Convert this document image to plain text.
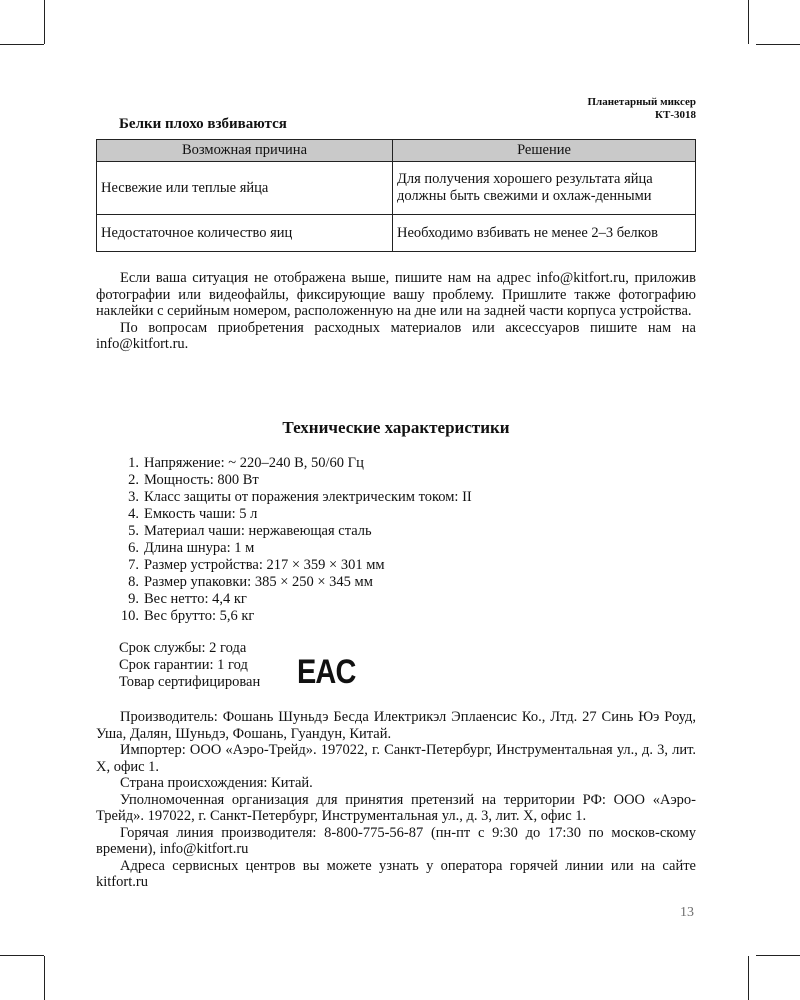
Планетарный миксер
КТ-3018
Белки плохо взбиваются
Возможная причина	Решение
Несвежие или теплые яйца	Для получения хорошего результата яйца должны быть свежими и охлаж-денными
Недостаточное количество яиц	Необходимо взбивать не менее 2–3 белков

Если ваша ситуация не отображена выше, пишите нам на адрес info@kitfort.ru, приложив фотографии или видеофайлы, фиксирующие вашу проблему. Пришлите также фотографию наклейки с серийным номером, расположенную на дне или на задней части корпуса устройства.

По вопросам приобретения расходных материалов или аксессуаров пишите нам на info@kitfort.ru.

Технические характеристики
1. Напряжение: ~ 220–240 В, 50/60 Гц
2. Мощность: 800 Вт
3. Класс защиты от поражения электрическим током: II
4. Емкость чаши: 5 л
5. Материал чаши: нержавеющая сталь
6. Длина шнура: 1 м
7. Размер устройства: 217 × 359 × 301 мм
8. Размер упаковки: 385 × 250 × 345 мм
9. Вес нетто: 4,4 кг
10. Вес брутто: 5,6 кг
Срок службы: 2 года
Срок гарантии: 1 год
Товар сертифицирован EAC

Производитель: Фошань Шуньдэ Бесда Илектрикэл Эплаенсис Ко., Лтд. 27 Синь Юэ Роуд, Уша, Далян, Шуньдэ, Фошань, Гуандун, Китай.

Импортер: ООО «Аэро-Трейд». 197022, г. Санкт-Петербург, Инструментальная ул., д. 3, лит. Х, офис 1.

Страна происхождения: Китай.

Уполномоченная организация для принятия претензий на территории РФ: ООО «Аэро-Трейд». 197022, г. Санкт-Петербург, Инструментальная ул., д. 3, лит. Х, офис 1.

Горячая линия производителя: 8-800-775-56-87 (пн-пт с 9:30 до 17:30 по москов-скому времени), info@kitfort.ru

Адреса сервисных центров вы можете узнать у оператора горячей линии или на сайте kitfort.ru

13
